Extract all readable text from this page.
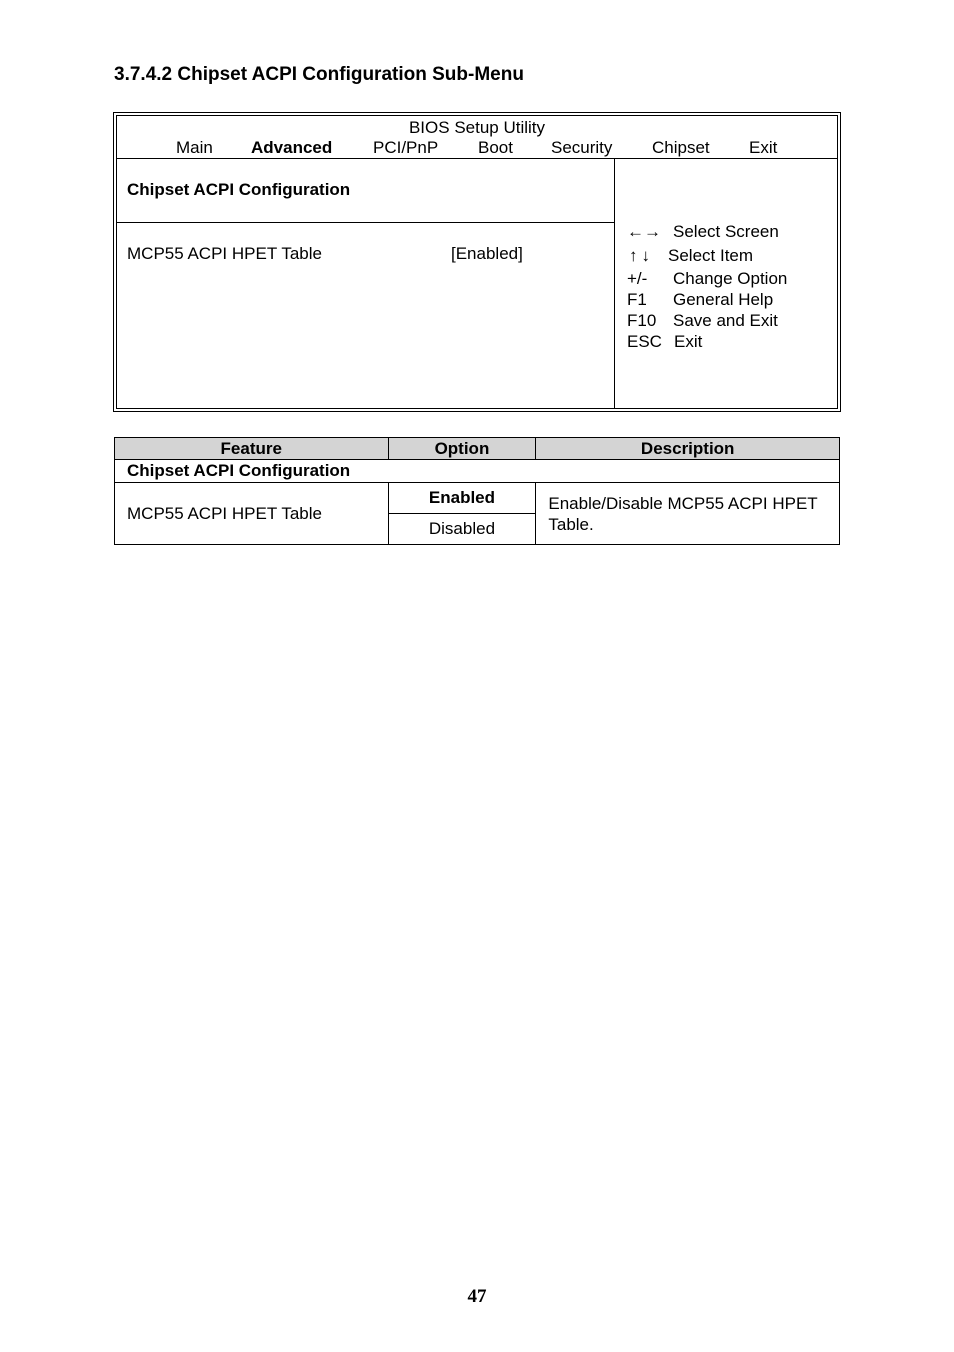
3.7.4.2 Chipset ACPI Configuration Sub-Menu
BIOS Setup Utility
Main Advanced PCI/PnP Boot Security Chipset Exit
Chipset ACPI Configuration
MCP55 ACPI HPET Table	[Enabled]
←→ Select Screen
↑↓ Select Item
+/- Change Option
F1 General Help
F10 Save and Exit
ESC Exit
Feature	Option	Description
Chipset ACPI Configuration		
MCP55 ACPI HPET Table	Enabled	Enable/Disable MCP55 ACPI HPET Table.
	Disabled	
47
